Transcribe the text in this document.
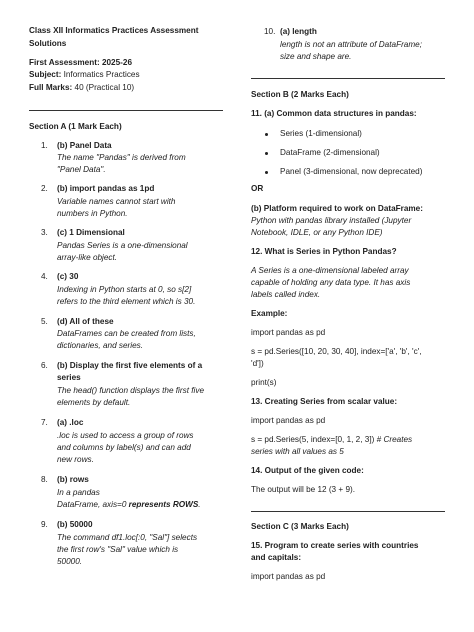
Class XII Informatics Practices Assessment
Solutions
First Assessment: 2025-26
Subject: Informatics Practices
Full Marks: 40 (Practical 10)
Section A (1 Mark Each)
1. (b) Panel Data
The name "Pandas" is derived from
"Panel Data".
2. (b) import pandas as 1pd
Variable names cannot start with
numbers in Python.
3. (c) 1 Dimensional
Pandas Series is a one-dimensional
array-like object.
4. (c) 30
Indexing in Python starts at 0, so s[2]
refers to the third element which is 30.
5. (d) All of these
DataFrames can be created from lists,
dictionaries, and series.
6. (b) Display the first five elements of a
series
The head() function displays the first five
elements by default.
7. (a) .loc
.loc is used to access a group of rows
and columns by label(s) and can add
new rows.
8. (b) rows
In a pandas
DataFrame, axis=0 represents ROWS.
9. (b) 50000
The command df1.loc[:0, "Sal"] selects
the first row's "Sal" value which is
50000.
10. (a) length
length is not an attribute of DataFrame;
size and shape are.
Section B (2 Marks Each)
11. (a) Common data structures in pandas:
Series (1-dimensional)
DataFrame (2-dimensional)
Panel (3-dimensional, now deprecated)
OR
(b) Platform required to work on DataFrame:
Python with pandas library installed (Jupyter
Notebook, IDLE, or any Python IDE)
12. What is Series in Python Pandas?
A Series is a one-dimensional labeled array
capable of holding any data type. It has axis
labels called index.
Example:
import pandas as pd
s = pd.Series([10, 20, 30, 40], index=['a', 'b', 'c',
'd'])
print(s)
13. Creating Series from scalar value:
import pandas as pd
s = pd.Series(5, index=[0, 1, 2, 3]) # Creates
series with all values as 5
14. Output of the given code:
The output will be 12 (3 + 9).
Section C (3 Marks Each)
15. Program to create series with countries
and capitals:
import pandas as pd
